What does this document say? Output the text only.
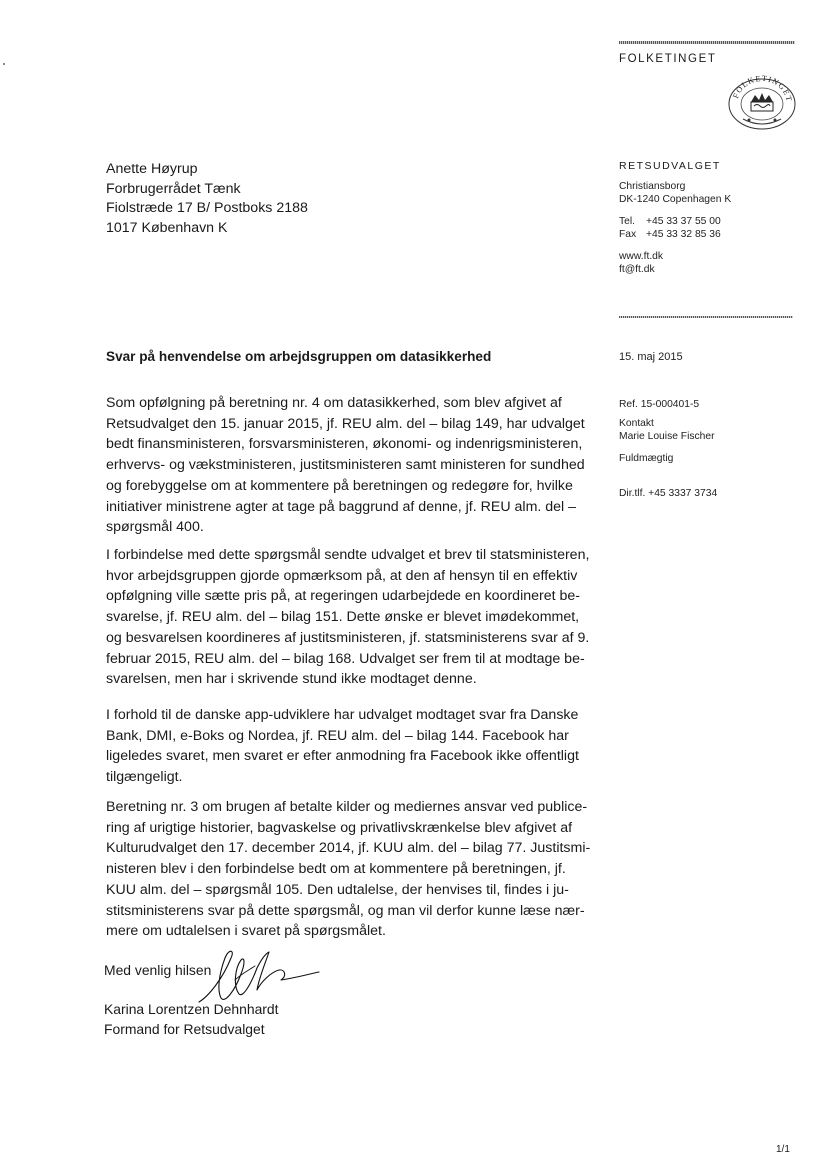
FOLKETINGET
FOLKETINGET
Anette Høyrup
Forbrugerrådet Tænk
Fiolstræde 17 B/ Postboks 2188
1017 København K
RETSUDVALGET
Christiansborg
DK-1240 Copenhagen K
Tel. +45 33 37 55 00
Fax +45 33 32 85 36
www.ft.dk
ft@ft.dk
15. maj 2015
Ref. 15-000401-5
Kontakt
Marie Louise Fischer
Fuldmægtig
Dir.tlf. +45 3337 3734
Svar på henvendelse om arbejdsgruppen om datasikkerhed
Som opfølgning på beretning nr. 4 om datasikkerhed, som blev afgivet af
Retsudvalget den 15. januar 2015, jf. REU alm. del – bilag 149, har udvalget
bedt finansministeren, forsvarsministeren, økonomi- og indenrigsministeren,
erhvervs- og vækstministeren, justitsministeren samt ministeren for sundhed
og forebyggelse om at kommentere på beretningen og redegøre for, hvilke
initiativer ministrene agter at tage på baggrund af denne, jf. REU alm. del –
spørgsmål 400.
I forbindelse med dette spørgsmål sendte udvalget et brev til statsministeren,
hvor arbejdsgruppen gjorde opmærksom på, at den af hensyn til en effektiv
opfølgning ville sætte pris på, at regeringen udarbejdede en koordineret be-
svarelse, jf. REU alm. del – bilag 151. Dette ønske er blevet imødekommet,
og besvarelsen koordineres af justitsministeren, jf. statsministerens svar af 9.
februar 2015, REU alm. del – bilag 168. Udvalget ser frem til at modtage be-
svarelsen, men har i skrivende stund ikke modtaget denne.
I forhold til de danske app-udviklere har udvalget modtaget svar fra Danske
Bank, DMI, e-Boks og Nordea, jf. REU alm. del – bilag 144. Facebook har
ligeledes svaret, men svaret er efter anmodning fra Facebook ikke offentligt
tilgængeligt.
Beretning nr. 3 om brugen af betalte kilder og mediernes ansvar ved publice-
ring af urigtige historier, bagvaskelse og privatlivskrænkelse blev afgivet af
Kulturudvalget den 17. december 2014, jf. KUU alm. del – bilag 77. Justitsmi-
nisteren blev i den forbindelse bedt om at kommentere på beretningen, jf.
KUU alm. del – spørgsmål 105. Den udtalelse, der henvises til, findes i ju-
stitsministerens svar på dette spørgsmål, og man vil derfor kunne læse nær-
mere om udtalelsen i svaret på spørgsmålet.
Med venlig hilsen
Karina Lorentzen Dehnhardt
Formand for Retsudvalget
1/1
